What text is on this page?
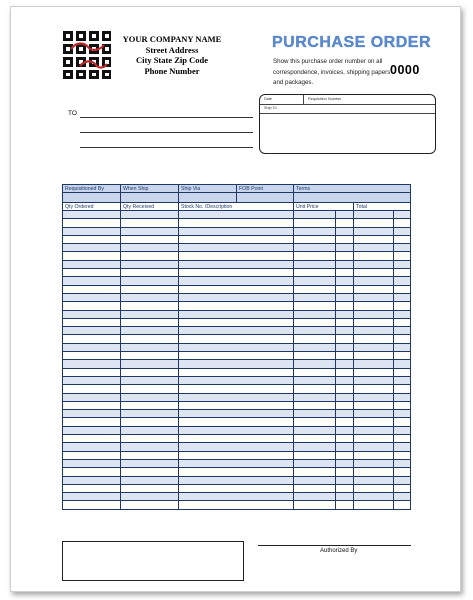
YOUR COMPANY NAME
Street Address
City State Zip Code
Phone Number
PURCHASE ORDER
Show this purchase order number on all correspondence, invoices, shipping papers and packages.
0000
Date	Requisition Number
Ship To
TO
Requisitioned By	When Ship	Ship Via	FOB Point	Terms			

Qty Ordered	Qty Received	Stock No. /Description		Unit Price		Total	

Authorized By
